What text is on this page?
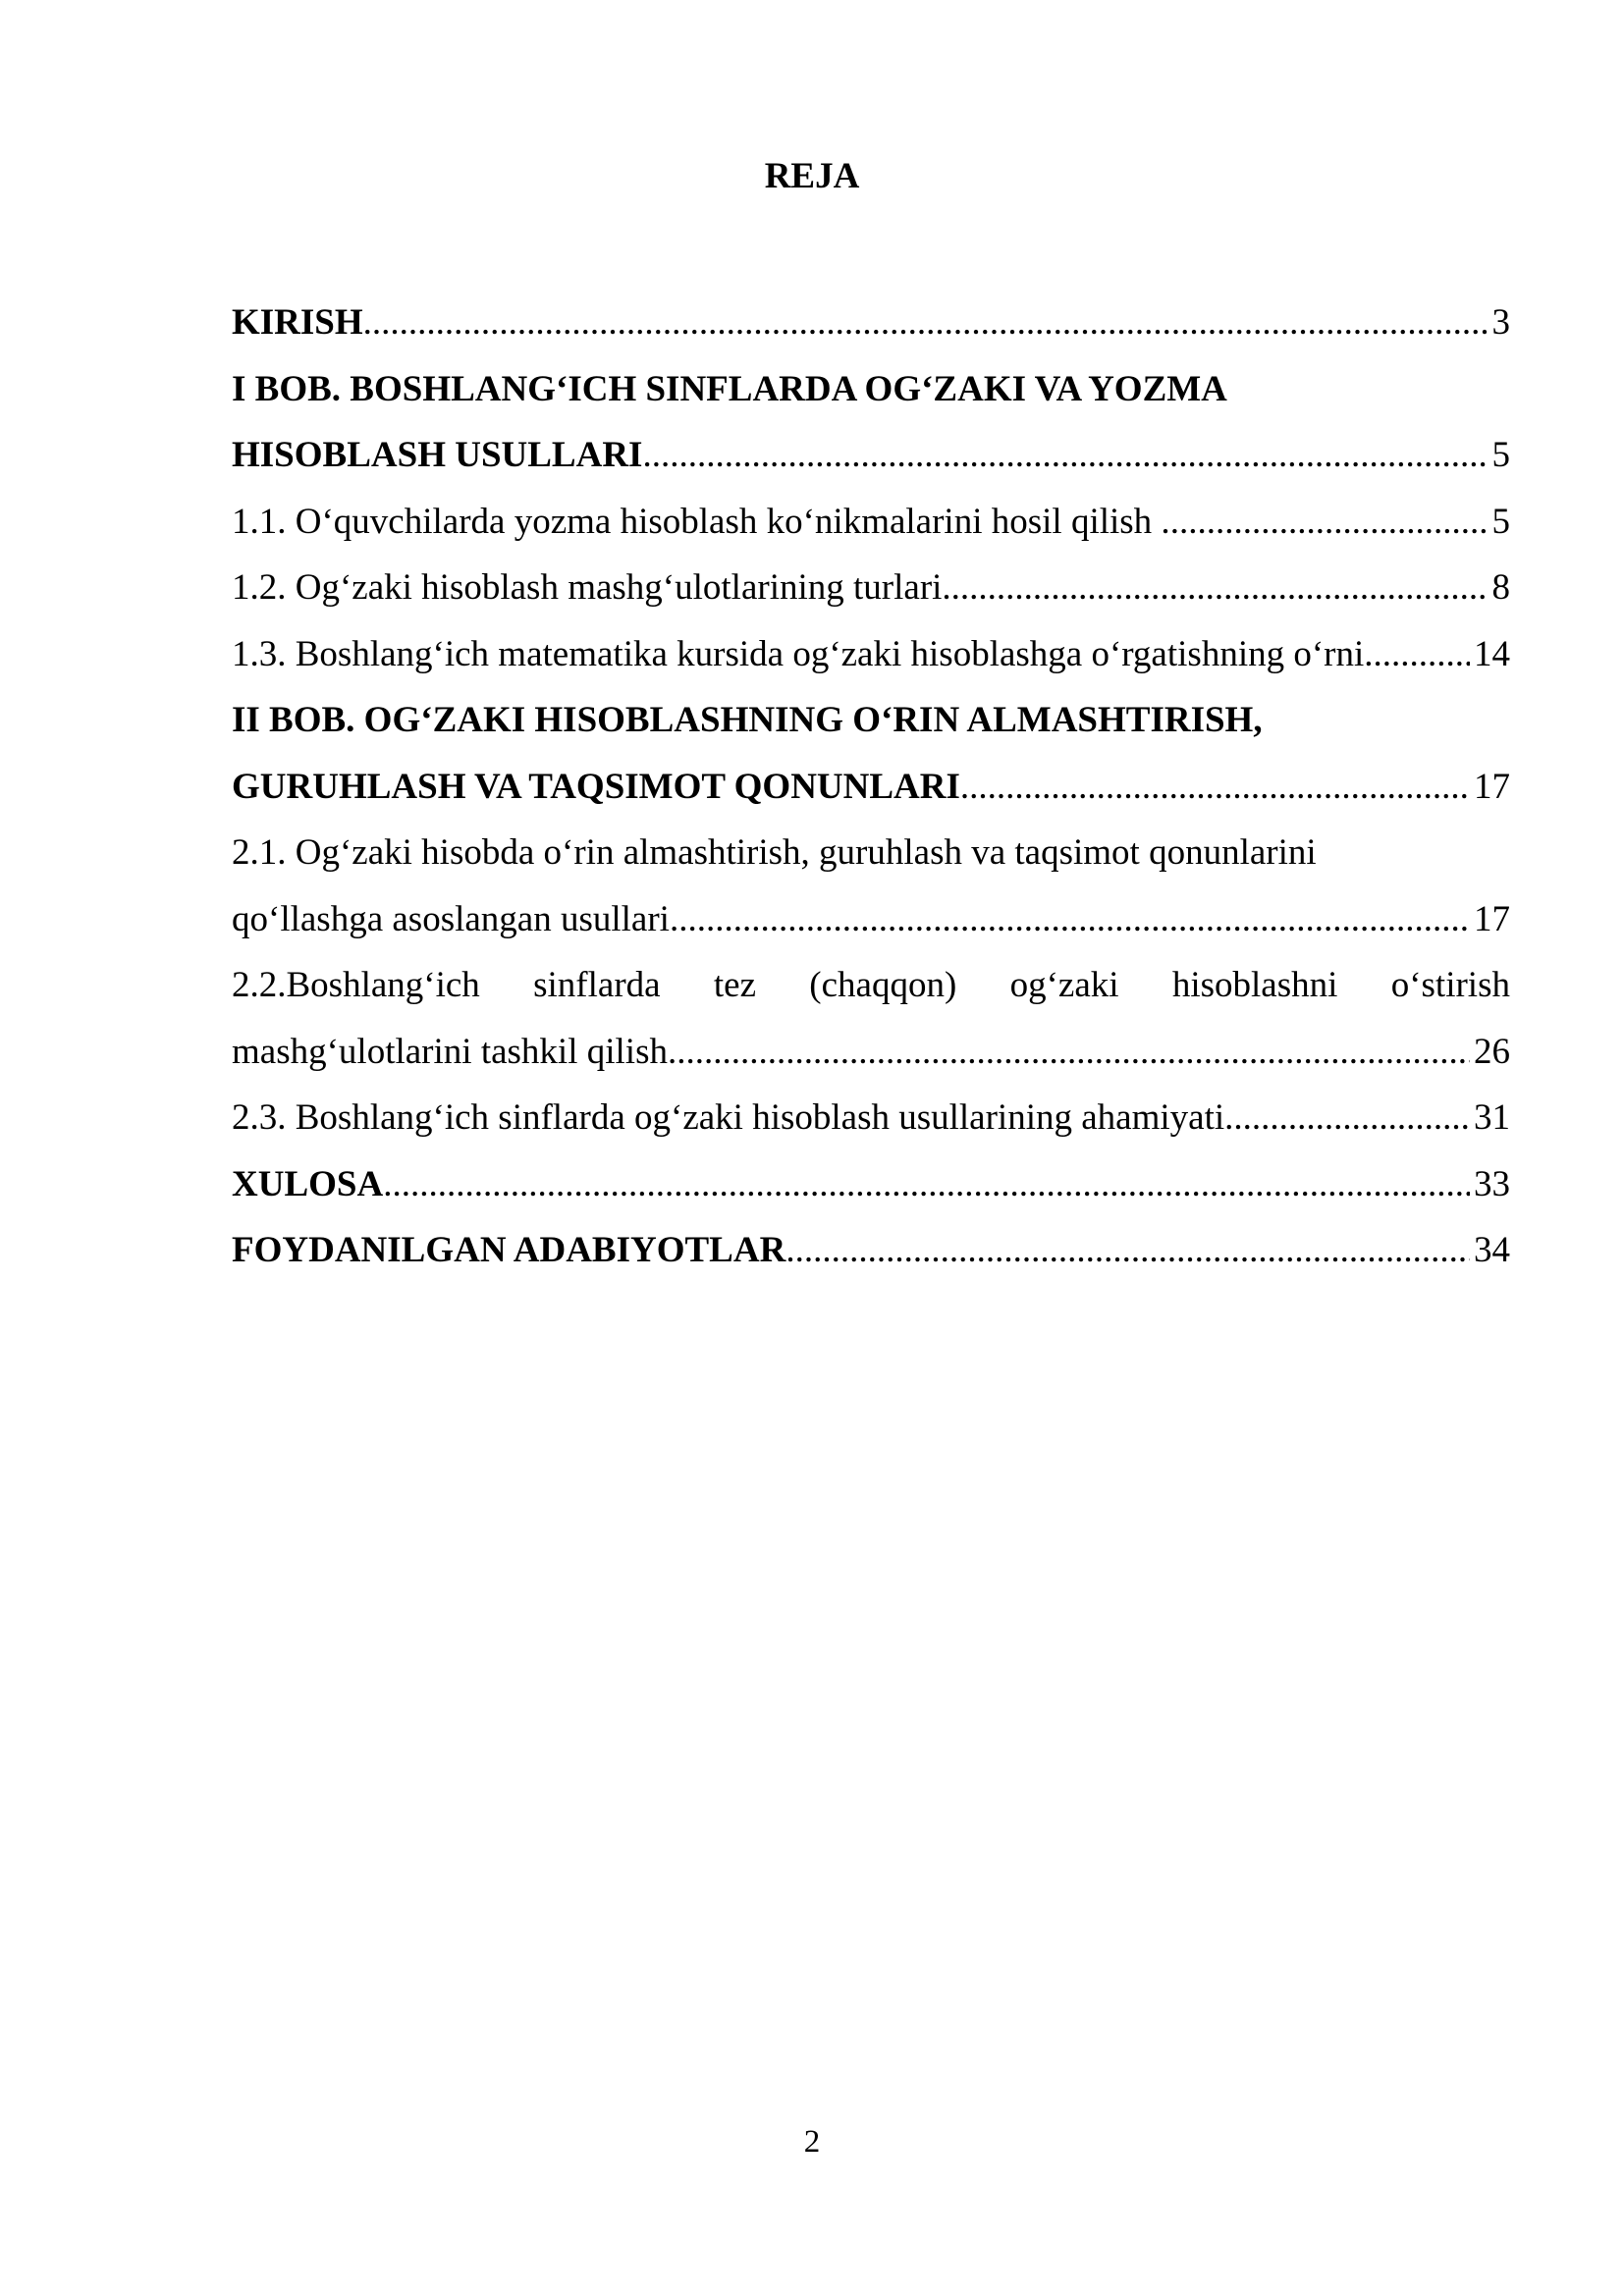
REJA
KIRISH .....	3
I BOB. BOSHLANG‘ICH SINFLARDA OG‘ZAKI VA YOZMA
HISOBLASH USULLARI .....	5
1.1. O‘quvchilarda yozma hisoblash ko‘nikmalarini hosil qilish . .....	5
1.2. Og‘zaki hisoblash mashg‘ulotlarining turlari. .....	8
1.3. Boshlang‘ich matematika kursida og‘zaki hisoblashga o‘rgatishning o‘rni .....	14
II BOB. OG‘ZAKI HISOBLASHNING O‘RIN ALMASHTIRISH,
GURUHLASH VA TAQSIMOT QONUNLARI .....	17
2.1. Og‘zaki hisobda o‘rin almashtirish, guruhlash va taqsimot qonunlarini
qo‘llashga asoslangan usullari .....	17
2.2.Boshlang‘ich sinflarda tez (chaqqon) og‘zaki hisoblashni o‘stirish
mashg‘ulotlarini tashkil qilish .....	26
2.3. Boshlang‘ich sinflarda og‘zaki hisoblash usullarining ahamiyati. .....	31
XULOSA .....	33
FOYDANILGAN ADABIYOTLAR .....	34
2
